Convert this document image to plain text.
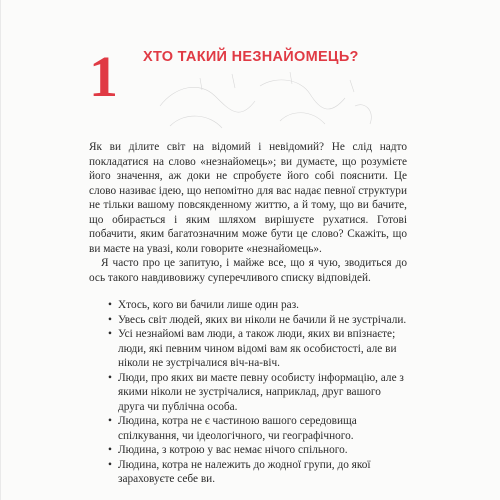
1 ХТО ТАКИЙ НЕЗНАЙОМЕЦЬ?

Як ви ділите світ на відомий і невідомий? Не слід надто покладатися на слово «незнайомець»; ви думаєте, що розумієте його значення, аж доки не спробуєте його собі пояснити. Це слово називає ідею, що непомітно для вас надає певної структури не тільки вашому повсякденному життю, а й тому, що ви бачите, що обирається і яким шляхом вирішуєте рухатися. Готові побачити, яким багатозначним може бути це слово? Скажіть, що ви маєте на увазі, коли говорите «незнайомець».

Я часто про це запитую, і майже все, що я чую, зводиться до ось такого навдивовижу суперечливого списку відповідей.

• Хтось, кого ви бачили лише один раз.
• Увесь світ людей, яких ви ніколи не бачили й не зустрічали.
• Усі незнайомі вам люди, а також люди, яких ви впізнаєте; люди, які певним чином відомі вам як особистості, але ви ніколи не зустрічалися віч-на-віч.
• Люди, про яких ви маєте певну особисту інформацію, але з якими ніколи не зустрічалися, наприклад, друг вашого друга чи публічна особа.
• Людина, котра не є частиною вашого середовища спілкування, чи ідеологічного, чи географічного.
• Людина, з котрою у вас немає нічого спільного.
• Людина, котра не належить до жодної групи, до якої зараховуєте себе ви.
